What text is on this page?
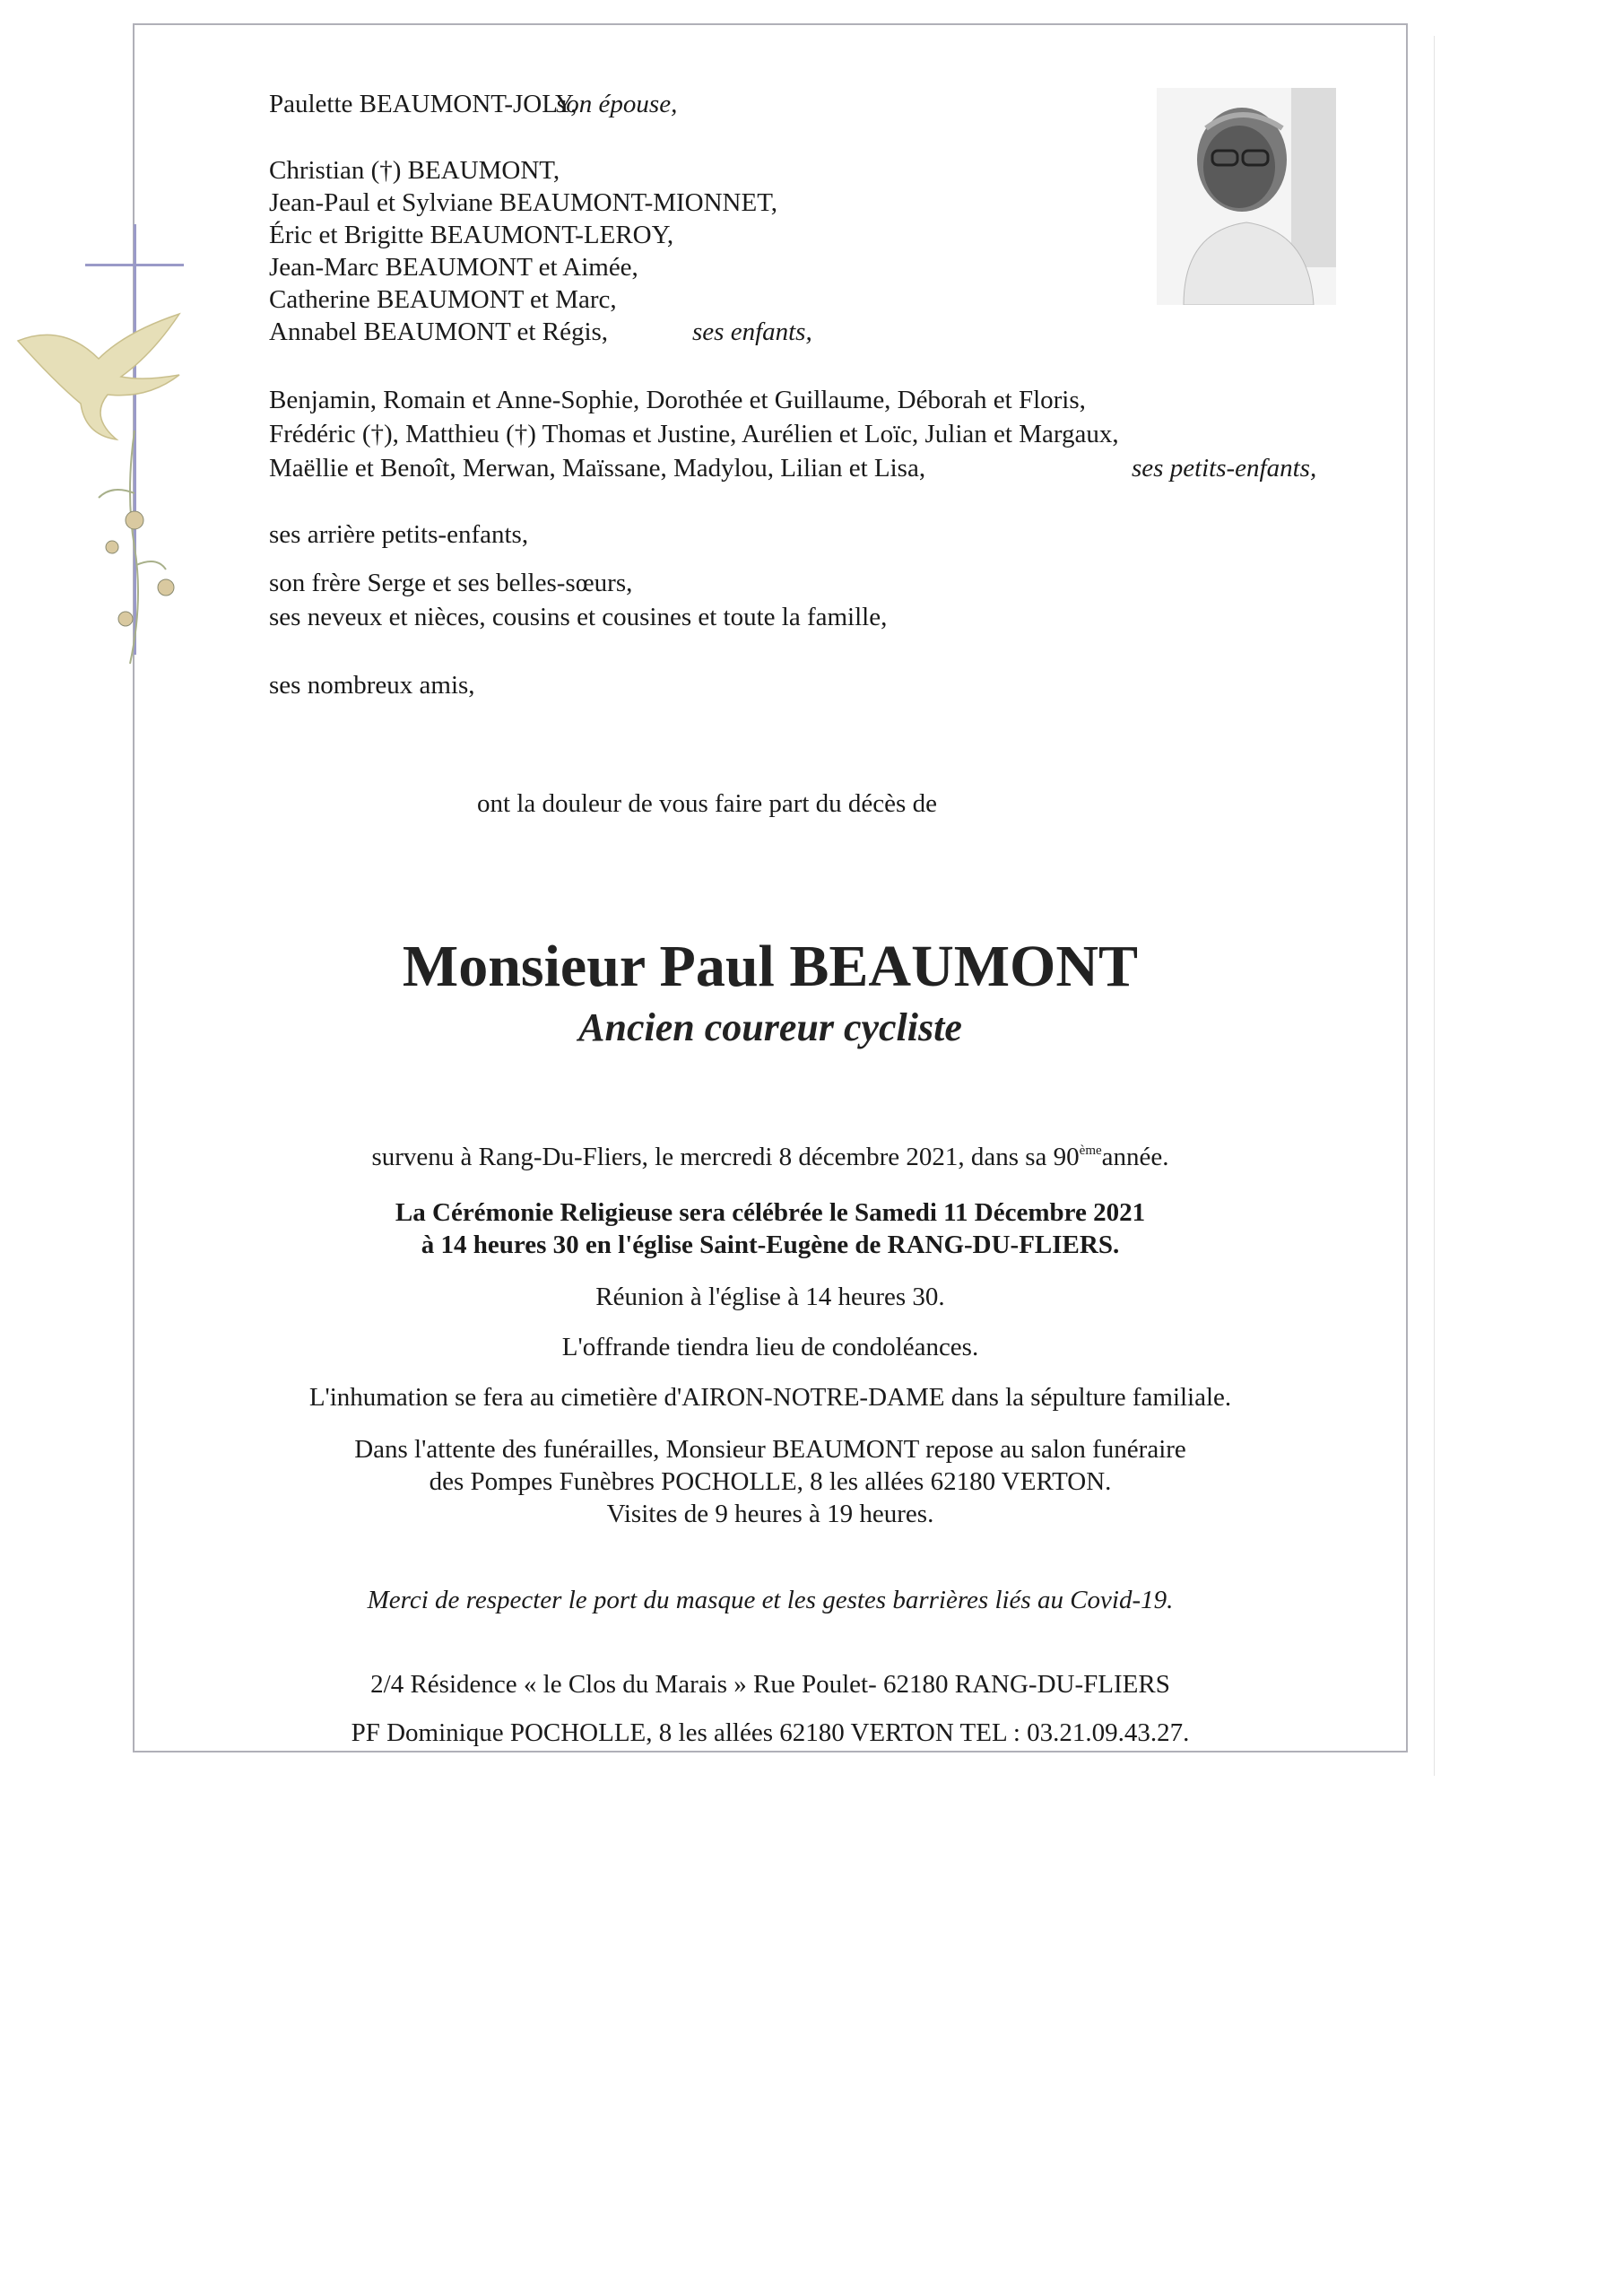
Paulette BEAUMONT-JOLY,
son épouse,
Christian (†) BEAUMONT,
Jean-Paul et Sylviane BEAUMONT-MIONNET,
Éric et Brigitte BEAUMONT-LEROY,
Jean-Marc BEAUMONT et Aimée,
Catherine BEAUMONT et Marc,
Annabel BEAUMONT et Régis,	ses enfants,
Benjamin, Romain et Anne-Sophie, Dorothée et Guillaume, Déborah et Floris,
Frédéric (†), Matthieu (†) Thomas et Justine, Aurélien et Loïc, Julian et Margaux,
Maëllie et Benoît, Merwan, Maïssane, Madylou, Lilian et Lisa,	ses petits-enfants,
ses arrière petits-enfants,
son frère Serge et ses belles-sœurs,
ses neveux et nièces, cousins et cousines et toute la famille,
ses nombreux amis,
ont la douleur de vous faire part du décès de
Monsieur Paul BEAUMONT
Ancien coureur cycliste
survenu à Rang-Du-Fliers, le mercredi 8 décembre 2021, dans sa 90èmeannée.
La Cérémonie Religieuse sera célébrée le Samedi 11 Décembre 2021
à 14 heures 30 en l'église Saint-Eugène de RANG-DU-FLIERS.
Réunion à l'église à 14 heures 30.
L'offrande tiendra lieu de condoléances.
L'inhumation se fera au cimetière d'AIRON-NOTRE-DAME dans la sépulture familiale.
Dans l'attente des funérailles, Monsieur BEAUMONT repose au salon funéraire
des Pompes Funèbres POCHOLLE, 8 les allées 62180 VERTON.
Visites de 9 heures à 19 heures.
Merci de respecter le port du masque et les gestes barrières liés au Covid-19.
2/4 Résidence « le Clos du Marais » Rue Poulet- 62180 RANG-DU-FLIERS
PF Dominique POCHOLLE, 8 les allées 62180 VERTON TEL : 03.21.09.43.27.
